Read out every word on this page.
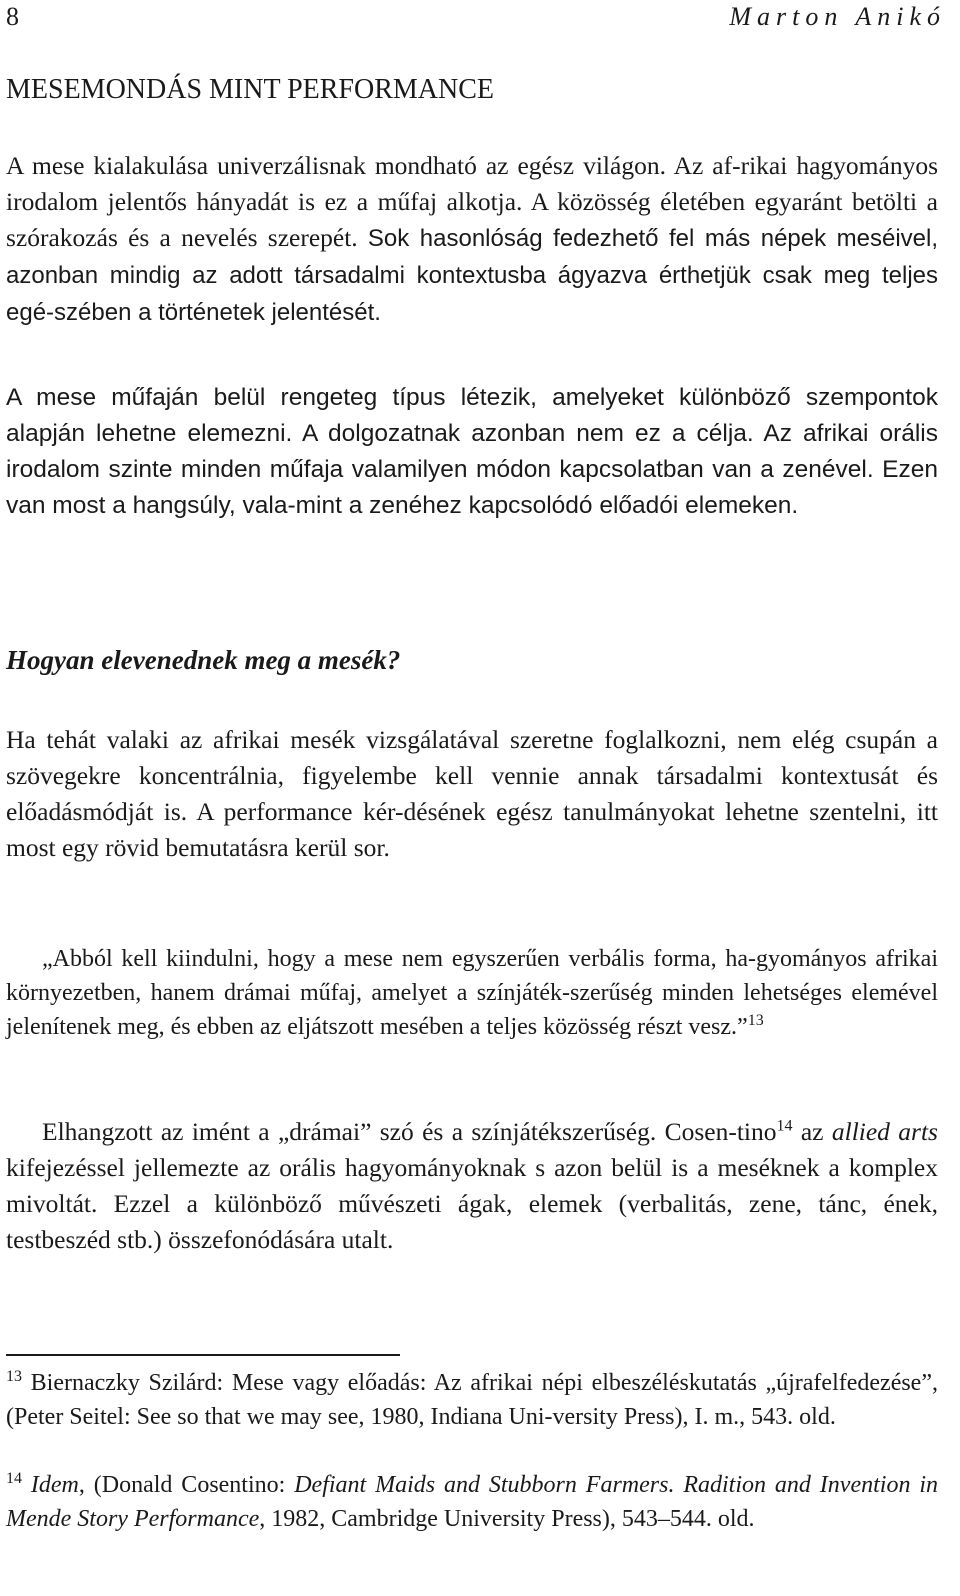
8	Marton Anikó
MESEMONDÁS MINT PERFORMANCE

A mese kialakulása univerzálisnak mondható az egész világon. Az af-rikai hagyományos irodalom jelentős hányadát is ez a műfaj alkotja. A közösség életében egyaránt betölti a szórakozás és a nevelés szerepét. Sok hasonlóság fedezhető fel más népek meséivel, azonban mindig az adott társadalmi kontextusba ágyazva érthetjük csak meg teljes egé-szében a történetek jelentését.

A mese műfaján belül rengeteg típus létezik, amelyeket különböző szempontok alapján lehetne elemezni. A dolgozatnak azonban nem ez a célja. Az afrikai orális irodalom szinte minden műfaja valamilyen módon kapcsolatban van a zenével. Ezen van most a hangsúly, vala-mint a zenéhez kapcsolódó előadói elemeken.

Hogyan elevenednek meg a mesék?

Ha tehát valaki az afrikai mesék vizsgálatával szeretne foglalkozni, nem elég csupán a szövegekre koncentrálnia, figyelembe kell vennie annak társadalmi kontextusát és előadásmódját is. A performance kér-désének egész tanulmányokat lehetne szentelni, itt most egy rövid bemutatásra kerül sor.

„Abból kell kiindulni, hogy a mese nem egyszerűen verbális forma, ha-gyományos afrikai környezetben, hanem drámai műfaj, amelyet a színjáték-szerűség minden lehetséges elemével jelenítenek meg, és ebben az eljátszott mesében a teljes közösség részt vesz.”$^{13}$

Elhangzott az imént a „drámai” szó és a színjátékszerűség. Cosen-tino$^{14}$ az allied arts kifejezéssel jellemezte az orális hagyományoknak s azon belül is a meséknek a komplex mivoltát. Ezzel a különböző művészeti ágak, elemek (verbalitás, zene, tánc, ének, testbeszéd stb.) összefonódására utalt.

$^{13}$ Biernaczky Szilárd: Mese vagy előadás: Az afrikai népi elbeszéléskutatás „újrafelfedezése”, (Peter Seitel: See so that we may see, 1980, Indiana Uni-versity Press), I. m., 543. old.

$^{14}$ Idem, (Donald Cosentino: Defiant Maids and Stubborn Farmers. Radition and Invention in Mende Story Performance, 1982, Cambridge University Press), 543–544. old.
